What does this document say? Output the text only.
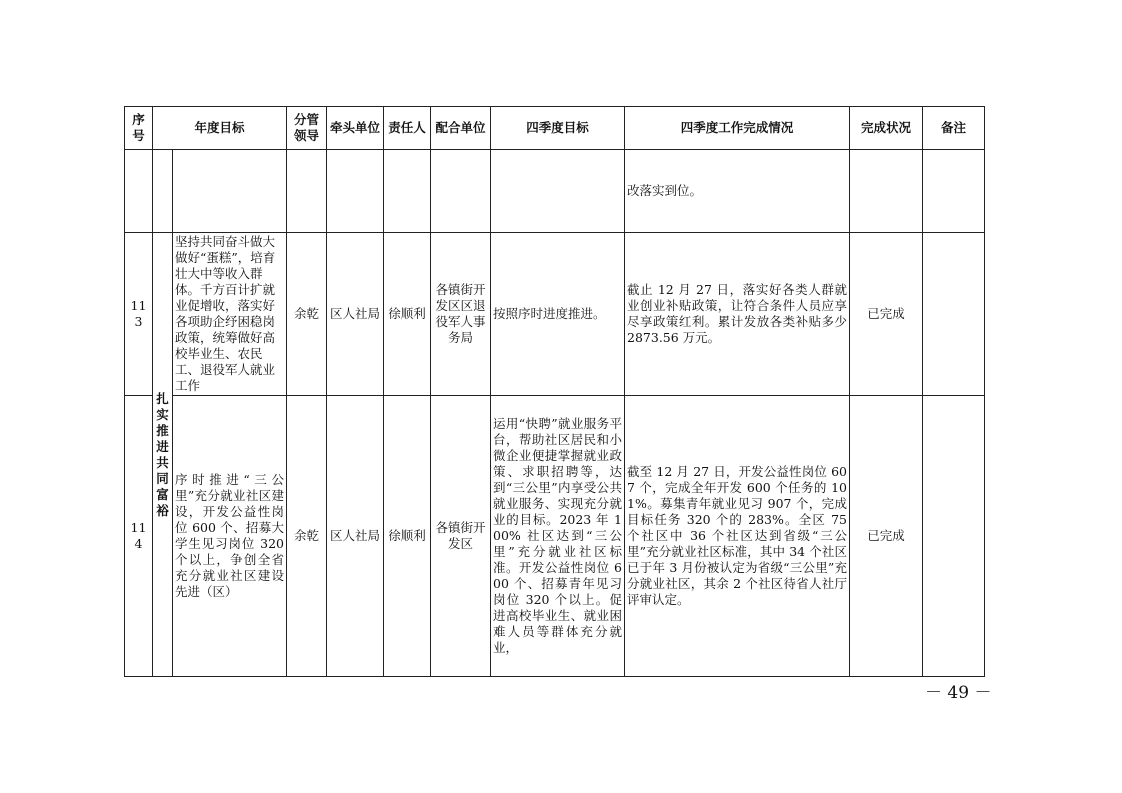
序号	年度目标		分管领导	牵头单位	责任人	配合单位	四季度目标	四季度工作完成情况	完成状况	备注
								改落实到位。		
113	扎实推进共同富裕	坚持共同奋斗做大做好“蛋糕”，培育壮大中等收入群体。千方百计扩就业促增收，落实好各项助企纾困稳岗政策，统筹做好高校毕业生、农民工、退役军人就业工作	余乾	区人社局	徐顺利	各镇街开发区区退役军人事务局	按照序时进度推进。	截止 12 月 27 日，落实好各类人群就业创业补贴政策，让符合条件人员应享尽享政策红利。累计发放各类补贴多少 2873.56 万元。	已完成	
114		序时推进“三公里”充分就业社区建设，开发公益性岗位 600 个、招募大学生见习岗位 320 个以上，争创全省充分就业社区建设先进（区）	余乾	区人社局	徐顺利	各镇街开发区	运用“快聘”就业服务平台，帮助社区居民和小微企业便捷掌握就业政策、求职招聘等，达到“三公里”内享受公共就业服务、实现充分就业的目标。2023 年 100% 社区达到“三公里”充分就业社区标准。开发公益性岗位 600 个、招募青年见习岗位 320 个以上。促进高校毕业生、就业困难人员等群体充分就业，	截至 12 月 27 日，开发公益性岗位 607 个，完成全年开发 600 个任务的 101%。募集青年就业见习 907 个，完成目标任务 320 个的 283%。全区 75 个社区中 36 个社区达到省级“三公里”充分就业社区标准，其中 34 个社区已于年 3 月份被认定为省级“三公里”充分就业社区，其余 2 个社区待省人社厅评审认定。	已完成	
－ 49 －
